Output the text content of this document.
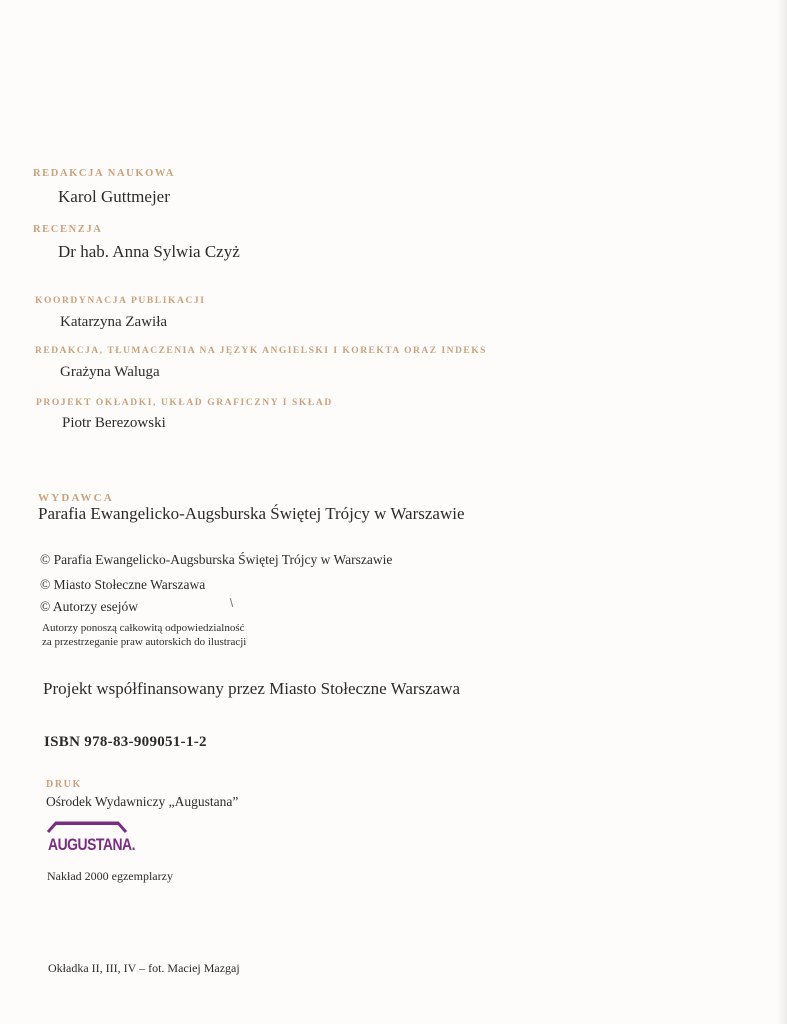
REDAKCJA NAUKOWA
Karol Guttmejer
RECENZJA
Dr hab. Anna Sylwia Czyż
KOORDYNACJA PUBLIKACJI
Katarzyna Zawiła
REDAKCJA, TŁUMACZENIA NA JĘZYK ANGIELSKI I KOREKTA ORAZ INDEKS
Grażyna Waluga
PROJEKT OKŁADKI, UKŁAD GRAFICZNY I SKŁAD
Piotr Berezowski
WYDAWCA
Parafia Ewangelicko-Augsburska Świętej Trójcy w Warszawie
© Parafia Ewangelicko-Augsburska Świętej Trójcy w Warszawie
© Miasto Stołeczne Warszawa
© Autorzy esejów
Autorzy ponoszą całkowitą odpowiedzialność
za przestrzeganie praw autorskich do ilustracji
Projekt współfinansowany przez Miasto Stołeczne Warszawa
ISBN 978-83-909051-1-2
DRUK
Ośrodek Wydawniczy „Augustana”
AUGUSTANA.
Nakład 2000 egzemplarzy
Okładka II, III, IV – fot. Maciej Mazgaj
